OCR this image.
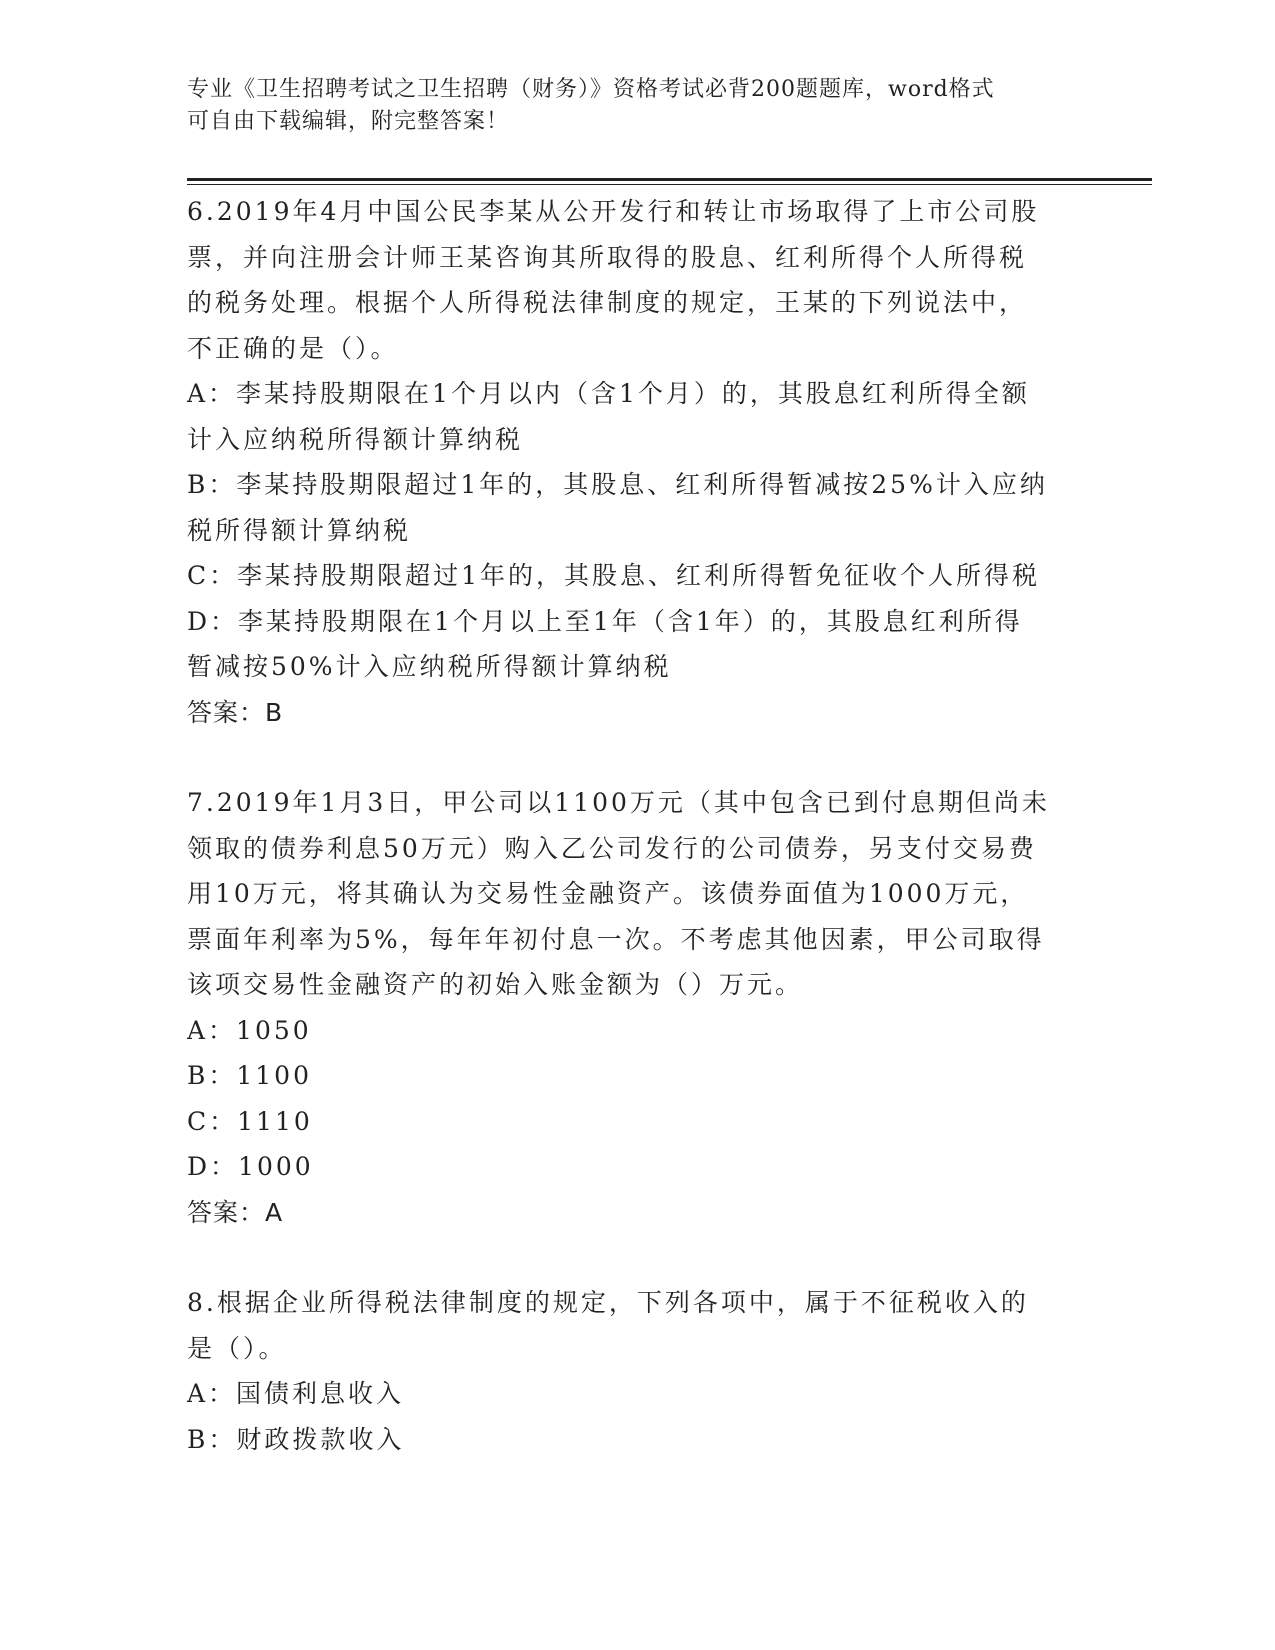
专业《卫生招聘考试之卫生招聘（财务）》资格考试必背200题题库，word格式
可自由下载编辑，附完整答案！
6.2019年4月中国公民李某从公开发行和转让市场取得了上市公司股
票，并向注册会计师王某咨询其所取得的股息、红利所得个人所得税
的税务处理。根据个人所得税法律制度的规定，王某的下列说法中，
不正确的是（）。
A：李某持股期限在1个月以内（含1个月）的，其股息红利所得全额
计入应纳税所得额计算纳税
B：李某持股期限超过1年的，其股息、红利所得暂减按25%计入应纳
税所得额计算纳税
C：李某持股期限超过1年的，其股息、红利所得暂免征收个人所得税
D：李某持股期限在1个月以上至1年（含1年）的，其股息红利所得
暂减按50%计入应纳税所得额计算纳税
答案：B
7.2019年1月3日，甲公司以1100万元（其中包含已到付息期但尚未
领取的债券利息50万元）购入乙公司发行的公司债券，另支付交易费
用10万元，将其确认为交易性金融资产。该债券面值为1000万元，
票面年利率为5%，每年年初付息一次。不考虑其他因素，甲公司取得
该项交易性金融资产的初始入账金额为（）万元。
A：1050
B：1100
C：1110
D：1000
答案：A
8.根据企业所得税法律制度的规定，下列各项中，属于不征税收入的
是（）。
A：国债利息收入
B：财政拨款收入
